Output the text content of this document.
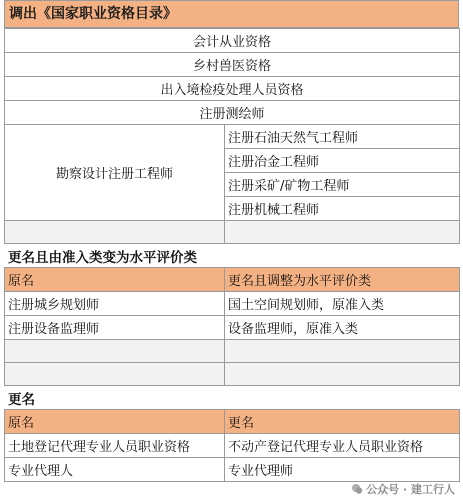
调出《国家职业资格目录》
会计从业资格	
乡村兽医资格	
出入境检疫处理人员资格	
注册测绘师	
勘察设计注册工程师	注册石油天然气工程师
	注册冶金工程师
	注册采矿/矿物工程师
	注册机械工程师

更名且由准入类变为水平评价类	
原名	更名且调整为水平评价类
注册城乡规划师	国土空间规划师，原准入类
注册设备监理师	设备监理师，原准入类

更名	
原名	更名
土地登记代理专业人员职业资格	不动产登记代理专业人员职业资格
专业代理人	专业代理师
公众号 · 建工行人
